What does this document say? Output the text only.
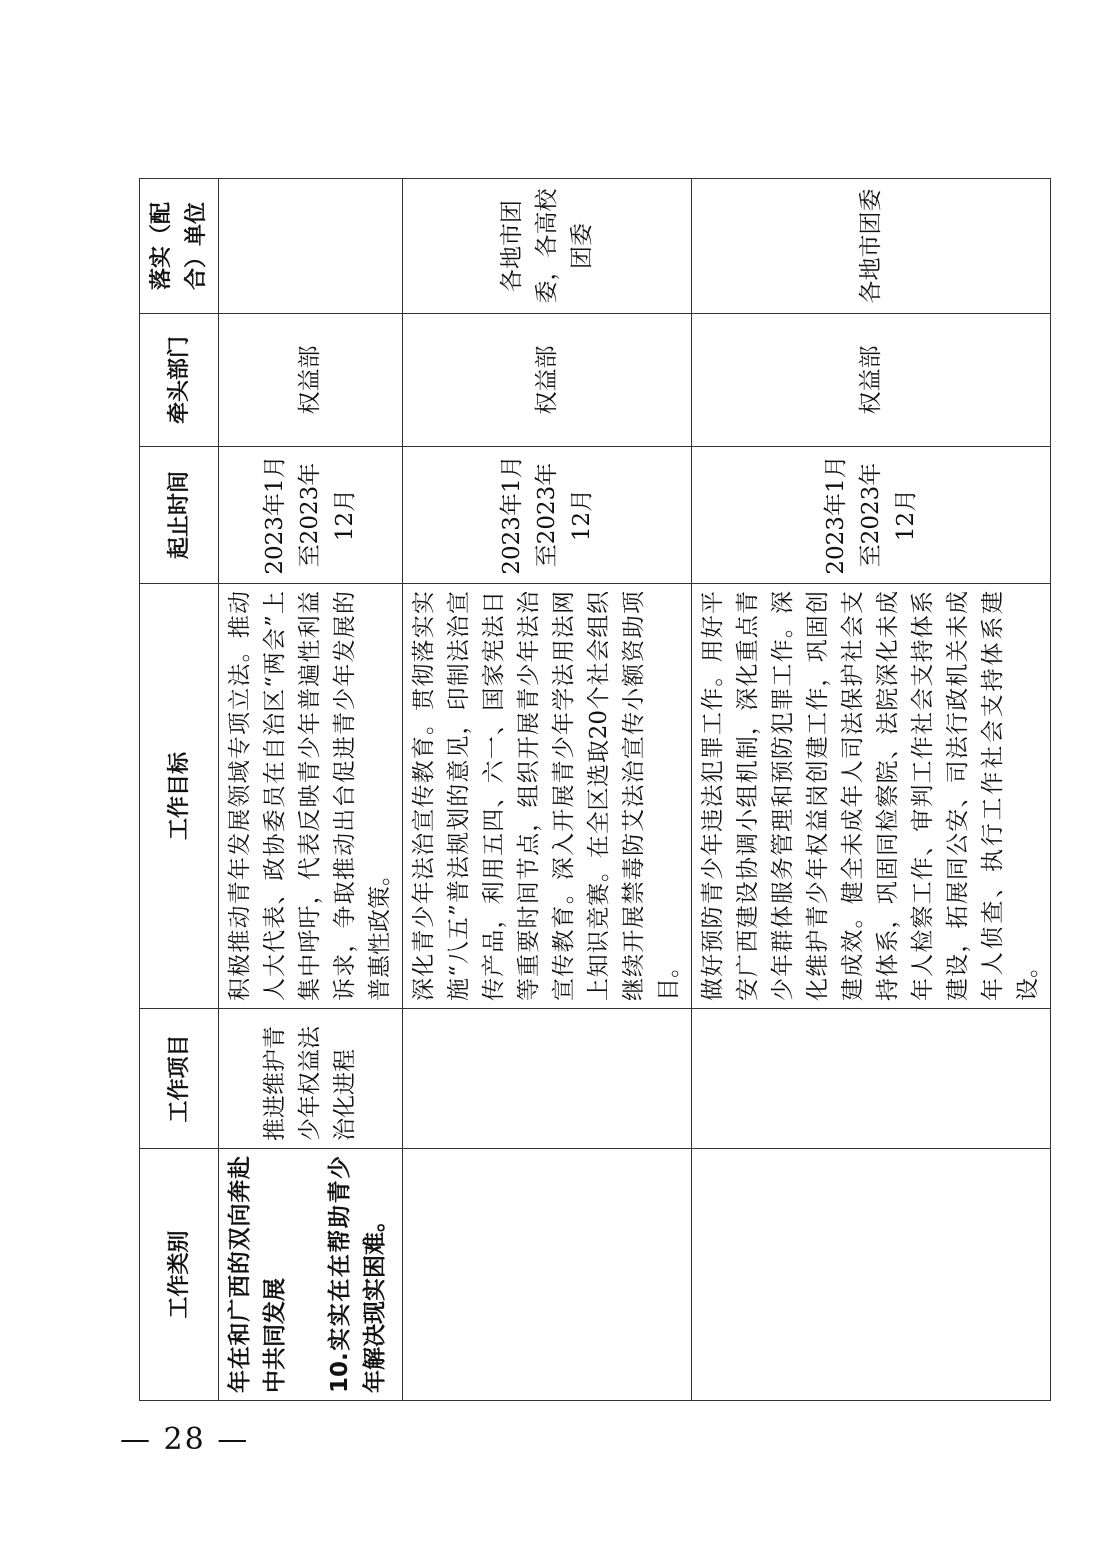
工作类别	工作项目	工作目标	起止时间	牵头部门	落实（配合）单位

年在和广西的双向奔赴中共同发展 10.实实在在帮助青少年解决现实困难。	推进维护青少年权益法治化进程	积极推动青年发展领域专项立法。推动人大代表、政协委员在自治区“两会”上集中呼吁，代表反映青少年普遍性利益诉求，争取推动出台促进青少年发展的普惠性政策。	2023年1月至2023年12月	权益部	
		深化青少年法治宣传教育。贯彻落实实施“八五”普法规划的意见，印制法治宣传产品，利用五四、六一、国家宪法日等重要时间节点，组织开展青少年法治宣传教育。深入开展青少年学法用法网上知识竞赛。在全区选取20个社会组织继续开展禁毒防艾法治宣传小额资助项目。	2023年1月至2023年12月	权益部	各地市团委，各高校团委
		做好预防青少年违法犯罪工作。用好平安广西建设协调小组机制，深化重点青少年群体服务管理和预防犯罪工作。深化维护青少年权益岗创建工作，巩固创建成效。健全未成年人司法保护社会支持体系，巩固同检察院、法院深化未成年人检察工作、审判工作社会支持体系建设，拓展同公安、司法行政机关未成年人侦查、执行工作社会支持体系建设。	2023年1月至2023年12月	权益部	各地市团委
— 28 —
